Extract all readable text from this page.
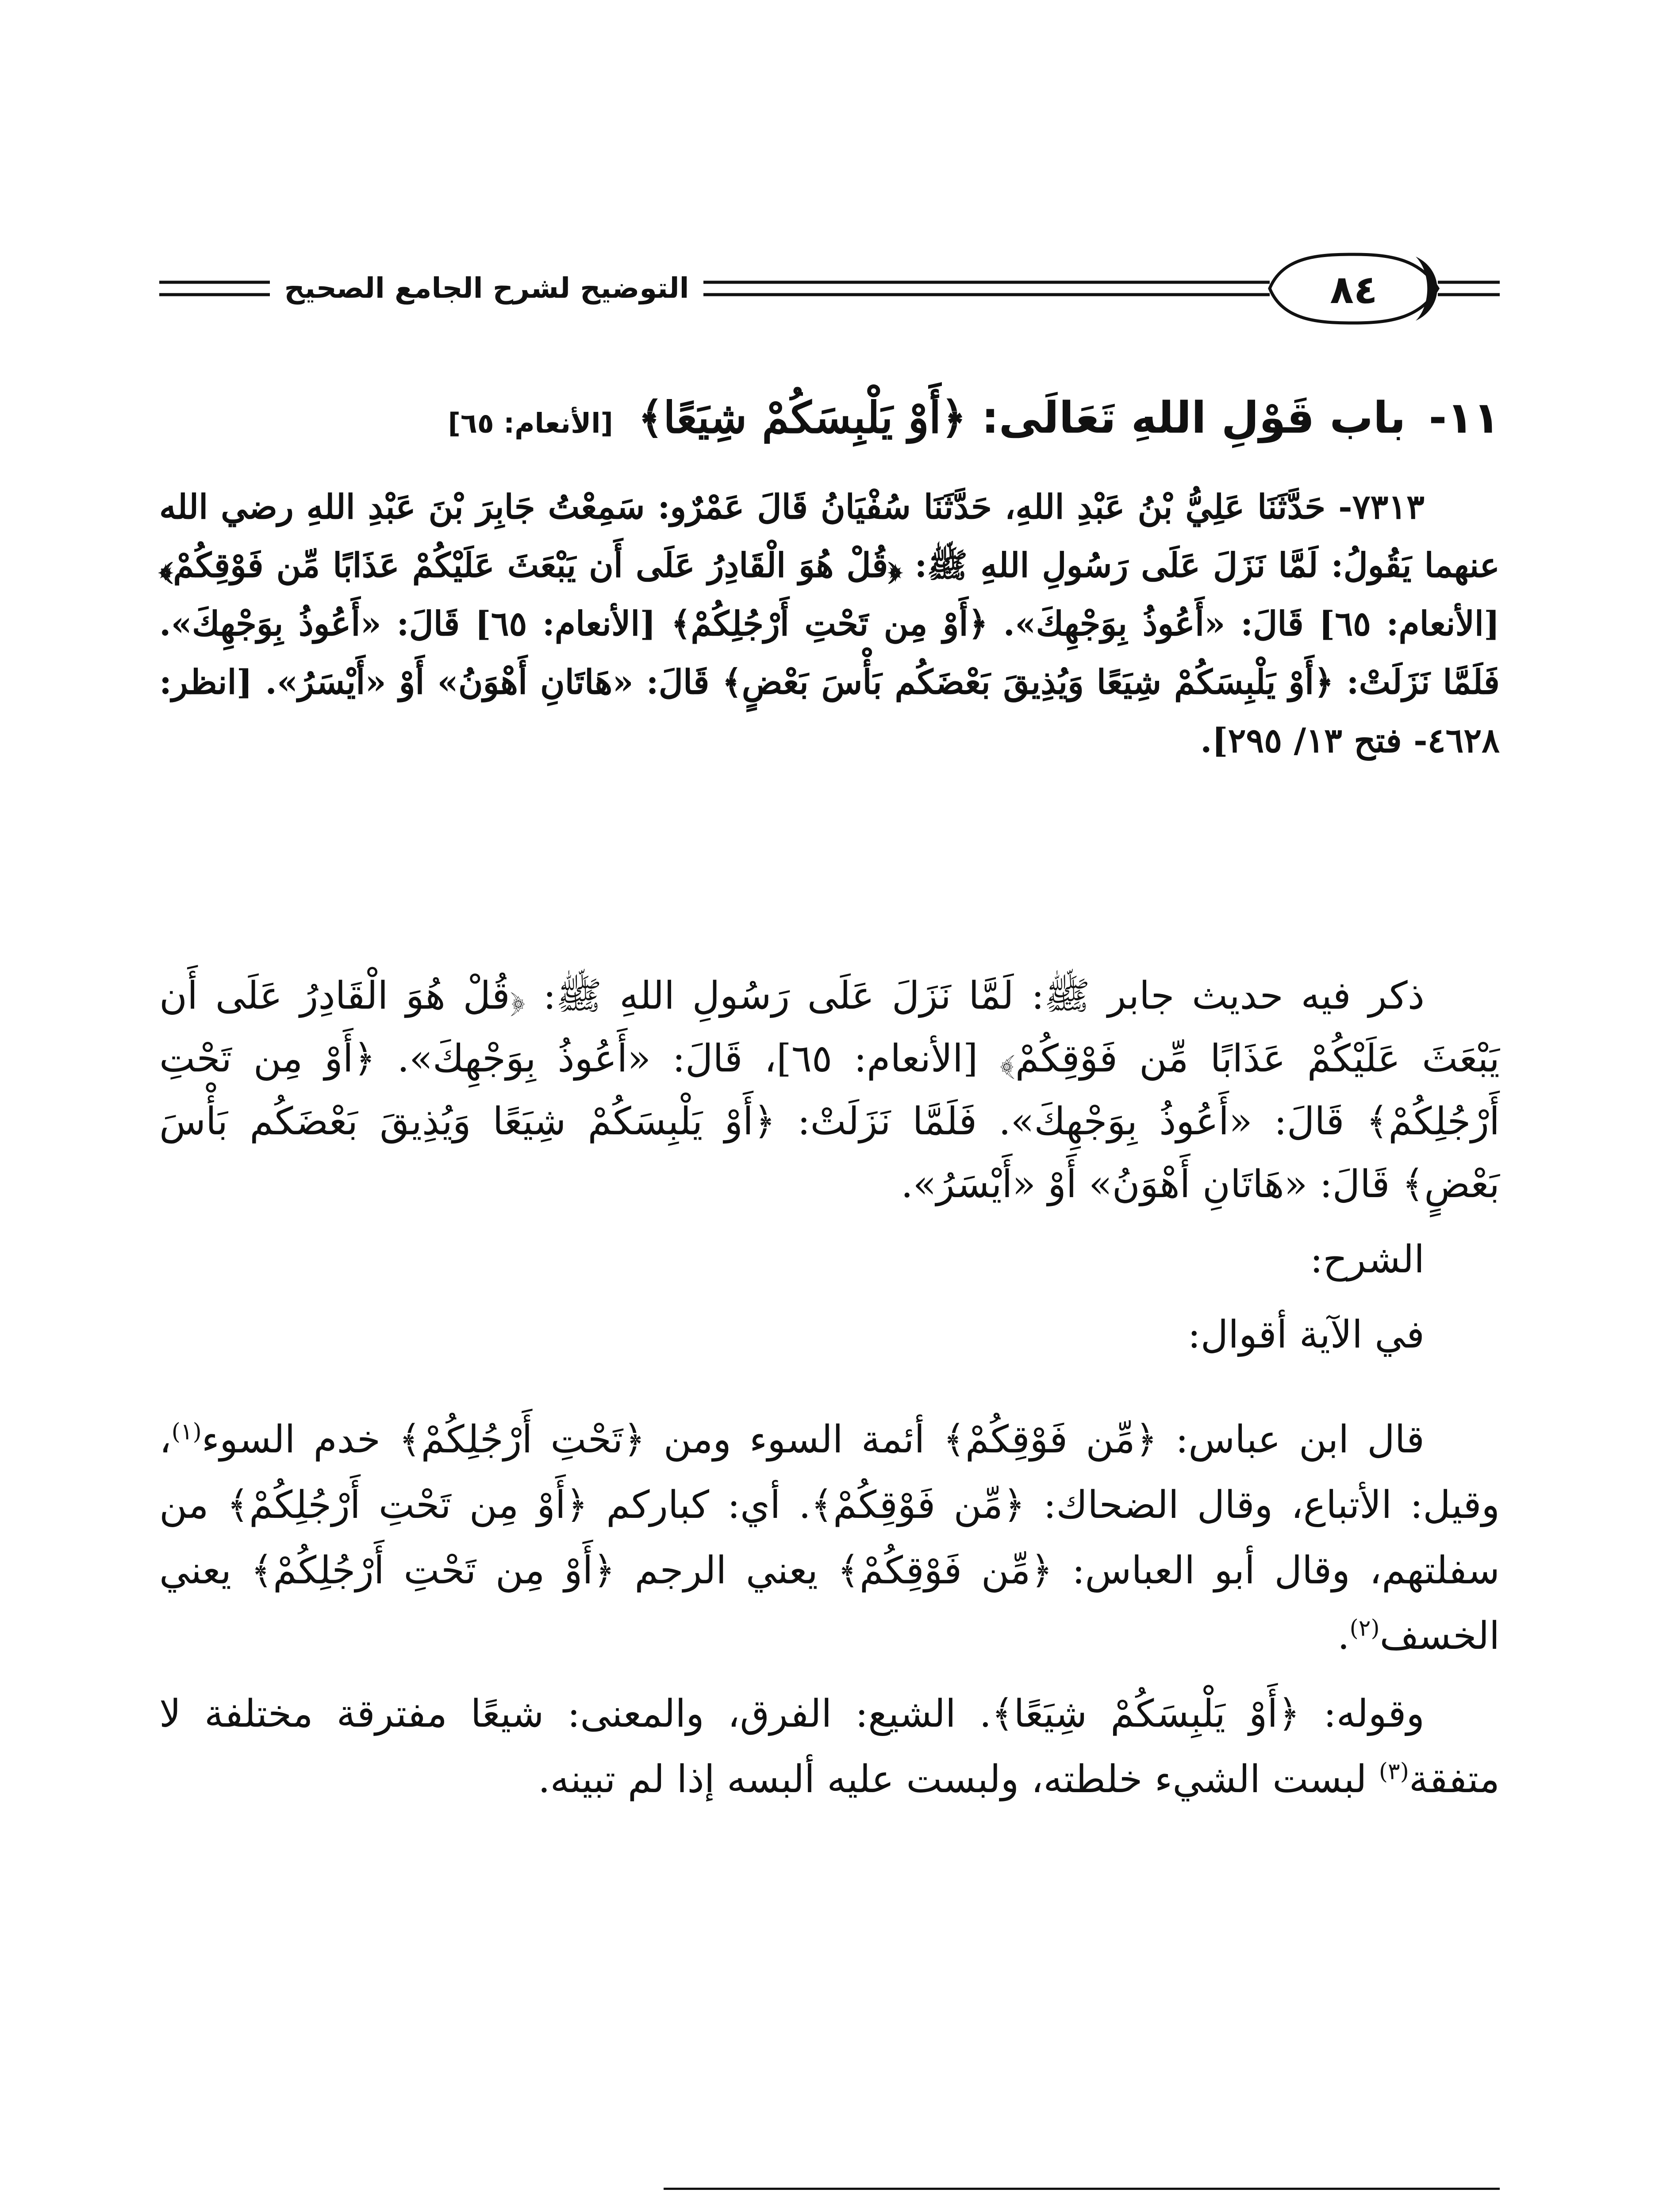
التوضيح لشرح الجامع الصحيح	٨٤
١١- باب قَوْلِ اللهِ تَعَالَى: ﴿أَوْ يَلْبِسَكُمْ شِيَعًا﴾ [الأنعام: ٦٥]

٧٣١٣- حَدَّثَنَا عَلِيُّ بْنُ عَبْدِ اللهِ، حَدَّثَنَا سُفْيَانُ قَالَ عَمْرٌو: سَمِعْتُ جَابِرَ بْنَ عَبْدِ اللهِ رضي الله عنهما يَقُولُ: لَمَّا نَزَلَ عَلَى رَسُولِ اللهِ ﷺ: ﴿قُلْ هُوَ الْقَادِرُ عَلَى أَن يَبْعَثَ عَلَيْكُمْ عَذَابًا مِّن فَوْقِكُمْ﴾ [الأنعام: ٦٥] قَالَ: «أَعُوذُ بِوَجْهِكَ». ﴿أَوْ مِن تَحْتِ أَرْجُلِكُمْ﴾ [الأنعام: ٦٥] قَالَ: «أَعُوذُ بِوَجْهِكَ». فَلَمَّا نَزَلَتْ: ﴿أَوْ يَلْبِسَكُمْ شِيَعًا وَيُذِيقَ بَعْضَكُم بَأْسَ بَعْضٍ﴾ قَالَ: «هَاتَانِ أَهْوَنُ» أَوْ «أَيْسَرُ». [انظر: ٤٦٢٨- فتح ١٣/ ٢٩٥].

ذكر فيه حديث جابر ﷺ: لَمَّا نَزَلَ عَلَى رَسُولِ اللهِ ﷺ: ﴿قُلْ هُوَ الْقَادِرُ عَلَى أَن يَبْعَثَ عَلَيْكُمْ عَذَابًا مِّن فَوْقِكُمْ﴾ [الأنعام: ٦٥]، قَالَ: «أَعُوذُ بِوَجْهِكَ». ﴿أَوْ مِن تَحْتِ أَرْجُلِكُمْ﴾ قَالَ: «أَعُوذُ بِوَجْهِكَ». فَلَمَّا نَزَلَتْ: ﴿أَوْ يَلْبِسَكُمْ شِيَعًا وَيُذِيقَ بَعْضَكُم بَأْسَ بَعْضٍ﴾ قَالَ: «هَاتَانِ أَهْوَنُ» أَوْ «أَيْسَرُ».

الشرح:

في الآية أقوال:

قال ابن عباس: ﴿مِّن فَوْقِكُمْ﴾ أئمة السوء ومن ﴿تَحْتِ أَرْجُلِكُمْ﴾ خدم السوء$^{(١)}$، وقيل: الأتباع، وقال الضحاك: ﴿مِّن فَوْقِكُمْ﴾. أي: كباركم ﴿أَوْ مِن تَحْتِ أَرْجُلِكُمْ﴾ من سفلتهم، وقال أبو العباس: ﴿مِّن فَوْقِكُمْ﴾ يعني الرجم ﴿أَوْ مِن تَحْتِ أَرْجُلِكُمْ﴾ يعني الخسف$^{(٢)}$.

وقوله: ﴿أَوْ يَلْبِسَكُمْ شِيَعًا﴾. الشيع: الفرق، والمعنى: شيعًا مفترقة مختلفة لا متفقة$^{(٣)}$ لبست الشيء خلطته، ولبست عليه ألبسه إذا لم تبينه.
